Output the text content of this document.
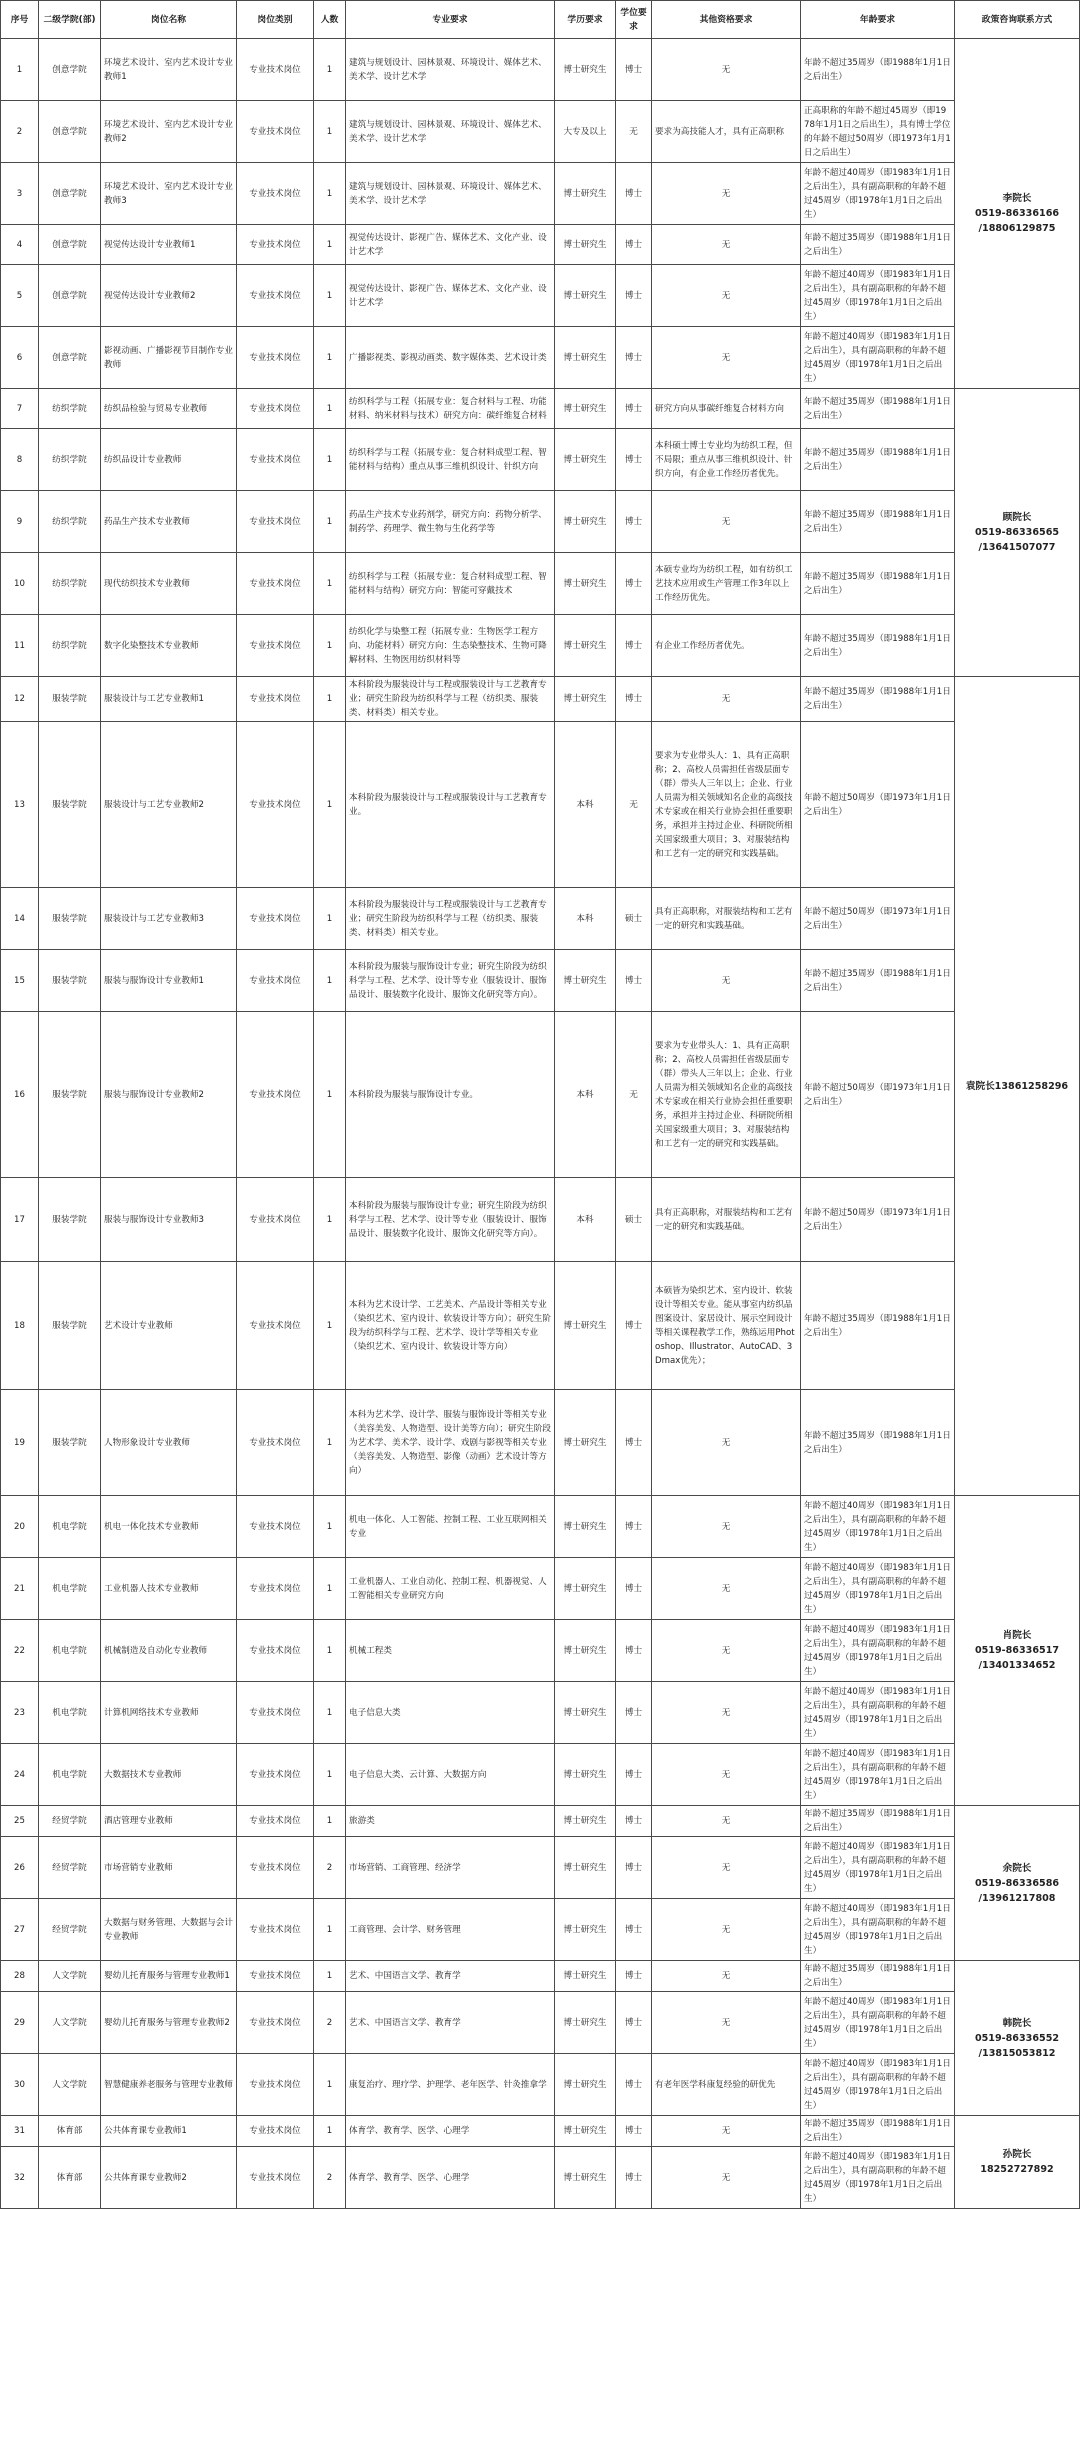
序号	二级学院(部)	岗位名称	岗位类别	人数	专业要求	学历要求	学位要求	其他资格要求	年龄要求	政策咨询联系方式
1	创意学院	环境艺术设计、室内艺术设计专业教师1	专业技术岗位	1	建筑与规划设计、园林景观、环境设计、媒体艺术、美术学、设计艺术学	博士研究生	博士	无	年龄不超过35周岁（即1988年1月1日之后出生）	李院长
0519-86336166
/18806129875

2	创意学院	环境艺术设计、室内艺术设计专业教师2	专业技术岗位	1	建筑与规划设计、园林景观、环境设计、媒体艺术、美术学、设计艺术学	大专及以上	无	要求为高技能人才，具有正高职称	正高职称的年龄不超过45周岁（即1978年1月1日之后出生），具有博士学位的年龄不超过50周岁（即1973年1月1日之后出生）	
3	创意学院	环境艺术设计、室内艺术设计专业教师3	专业技术岗位	1	建筑与规划设计、园林景观、环境设计、媒体艺术、美术学、设计艺术学	博士研究生	博士	无	年龄不超过40周岁（即1983年1月1日之后出生），具有副高职称的年龄不超过45周岁（即1978年1月1日之后出生）	
4	创意学院	视觉传达设计专业教师1	专业技术岗位	1	视觉传达设计、影视广告、媒体艺术、文化产业、设计艺术学	博士研究生	博士	无	年龄不超过35周岁（即1988年1月1日之后出生）	
5	创意学院	视觉传达设计专业教师2	专业技术岗位	1	视觉传达设计、影视广告、媒体艺术、文化产业、设计艺术学	博士研究生	博士	无	年龄不超过40周岁（即1983年1月1日之后出生），具有副高职称的年龄不超过45周岁（即1978年1月1日之后出生）	
6	创意学院	影视动画、广播影视节目制作专业教师	专业技术岗位	1	广播影视类、影视动画类、数字媒体类、艺术设计类	博士研究生	博士	无	年龄不超过40周岁（即1983年1月1日之后出生），具有副高职称的年龄不超过45周岁（即1978年1月1日之后出生）	
7	纺织学院	纺织品检验与贸易专业教师	专业技术岗位	1	纺织科学与工程（拓展专业：复合材料与工程、功能材料、纳米材料与技术）研究方向：碳纤维复合材料	博士研究生	博士	研究方向从事碳纤维复合材料方向	年龄不超过35周岁（即1988年1月1日之后出生）	顾院长
0519-86336565
/13641507077

8	纺织学院	纺织品设计专业教师	专业技术岗位	1	纺织科学与工程（拓展专业：复合材料成型工程、智能材料与结构）重点从事三维机织设计、针织方向	博士研究生	博士	本科硕士博士专业均为纺织工程，但不局限；重点从事三维机织设计、针织方向，有企业工作经历者优先。	年龄不超过35周岁（即1988年1月1日之后出生）	
9	纺织学院	药品生产技术专业教师	专业技术岗位	1	药品生产技术专业药剂学，研究方向：药物分析学、制药学、药理学、微生物与生化药学等	博士研究生	博士	无	年龄不超过35周岁（即1988年1月1日之后出生）	
10	纺织学院	现代纺织技术专业教师	专业技术岗位	1	纺织科学与工程（拓展专业：复合材料成型工程、智能材料与结构）研究方向：智能可穿戴技术	博士研究生	博士	本硕专业均为纺织工程，如有纺织工艺技术应用或生产管理工作3年以上工作经历优先。	年龄不超过35周岁（即1988年1月1日之后出生）	
11	纺织学院	数字化染整技术专业教师	专业技术岗位	1	纺织化学与染整工程（拓展专业：生物医学工程方向、功能材料）研究方向：生态染整技术、生物可降解材料、生物医用纺织材料等	博士研究生	博士	有企业工作经历者优先。	年龄不超过35周岁（即1988年1月1日之后出生）	
12	服装学院	服装设计与工艺专业教师1	专业技术岗位	1	本科阶段为服装设计与工程或服装设计与工艺教育专业；研究生阶段为纺织科学与工程（纺织类、服装类、材料类）相关专业。	博士研究生	博士	无	年龄不超过35周岁（即1988年1月1日之后出生）	袁院长13861258296

13	服装学院	服装设计与工艺专业教师2	专业技术岗位	1	本科阶段为服装设计与工程或服装设计与工艺教育专业。	本科	无	要求为专业带头人：1、具有正高职称；2、高校人员需担任省级层面专（群）带头人三年以上；企业、行业人员需为相关领域知名企业的高级技术专家或在相关行业协会担任重要职务，承担并主持过企业、科研院所相关国家级重大项目；3、对服装结构和工艺有一定的研究和实践基础。	年龄不超过50周岁（即1973年1月1日之后出生）	
14	服装学院	服装设计与工艺专业教师3	专业技术岗位	1	本科阶段为服装设计与工程或服装设计与工艺教育专业；研究生阶段为纺织科学与工程（纺织类、服装类、材料类）相关专业。	本科	硕士	具有正高职称，对服装结构和工艺有一定的研究和实践基础。	年龄不超过50周岁（即1973年1月1日之后出生）	
15	服装学院	服装与服饰设计专业教师1	专业技术岗位	1	本科阶段为服装与服饰设计专业；研究生阶段为纺织科学与工程、艺术学、设计等专业（服装设计、服饰品设计、服装数字化设计、服饰文化研究等方向）。	博士研究生	博士	无	年龄不超过35周岁（即1988年1月1日之后出生）	
16	服装学院	服装与服饰设计专业教师2	专业技术岗位	1	本科阶段为服装与服饰设计专业。	本科	无	要求为专业带头人：1、具有正高职称；2、高校人员需担任省级层面专（群）带头人三年以上；企业、行业人员需为相关领域知名企业的高级技术专家或在相关行业协会担任重要职务，承担并主持过企业、科研院所相关国家级重大项目；3、对服装结构和工艺有一定的研究和实践基础。	年龄不超过50周岁（即1973年1月1日之后出生）	
17	服装学院	服装与服饰设计专业教师3	专业技术岗位	1	本科阶段为服装与服饰设计专业；研究生阶段为纺织科学与工程、艺术学、设计等专业（服装设计、服饰品设计、服装数字化设计、服饰文化研究等方向）。	本科	硕士	具有正高职称，对服装结构和工艺有一定的研究和实践基础。	年龄不超过50周岁（即1973年1月1日之后出生）	
18	服装学院	艺术设计专业教师	专业技术岗位	1	本科为艺术设计学、工艺美术、产品设计等相关专业（染织艺术、室内设计、软装设计等方向）；研究生阶段为纺织科学与工程、艺术学、设计学等相关专业（染织艺术、室内设计、软装设计等方向）	博士研究生	博士	本硕皆为染织艺术、室内设计、软装设计等相关专业。能从事室内纺织品图案设计、家居设计、展示空间设计等相关课程教学工作，熟练运用Photoshop、Illustrator、AutoCAD、3Dmax优先）；	年龄不超过35周岁（即1988年1月1日之后出生）	
19	服装学院	人物形象设计专业教师	专业技术岗位	1	本科为艺术学、设计学、服装与服饰设计等相关专业（美容美发、人物造型、设计美等方向）；研究生阶段为艺术学、美术学、设计学、戏剧与影视等相关专业（美容美发、人物造型、影像（动画）艺术设计等方向）	博士研究生	博士	无	年龄不超过35周岁（即1988年1月1日之后出生）	
20	机电学院	机电一体化技术专业教师	专业技术岗位	1	机电一体化、人工智能、控制工程、工业互联网相关专业	博士研究生	博士	无	年龄不超过40周岁（即1983年1月1日之后出生），具有副高职称的年龄不超过45周岁（即1978年1月1日之后出生）	肖院长
0519-86336517
/13401334652

21	机电学院	工业机器人技术专业教师	专业技术岗位	1	工业机器人、工业自动化、控制工程、机器视觉、人工智能相关专业研究方向	博士研究生	博士	无	年龄不超过40周岁（即1983年1月1日之后出生），具有副高职称的年龄不超过45周岁（即1978年1月1日之后出生）	
22	机电学院	机械制造及自动化专业教师	专业技术岗位	1	机械工程类	博士研究生	博士	无	年龄不超过40周岁（即1983年1月1日之后出生），具有副高职称的年龄不超过45周岁（即1978年1月1日之后出生）	
23	机电学院	计算机网络技术专业教师	专业技术岗位	1	电子信息大类	博士研究生	博士	无	年龄不超过40周岁（即1983年1月1日之后出生），具有副高职称的年龄不超过45周岁（即1978年1月1日之后出生）	
24	机电学院	大数据技术专业教师	专业技术岗位	1	电子信息大类、云计算、大数据方向	博士研究生	博士	无	年龄不超过40周岁（即1983年1月1日之后出生），具有副高职称的年龄不超过45周岁（即1978年1月1日之后出生）	
25	经贸学院	酒店管理专业教师	专业技术岗位	1	旅游类	博士研究生	博士	无	年龄不超过35周岁（即1988年1月1日之后出生）	余院长
0519-86336586
/13961217808

26	经贸学院	市场营销专业教师	专业技术岗位	2	市场营销、工商管理、经济学	博士研究生	博士	无	年龄不超过40周岁（即1983年1月1日之后出生），具有副高职称的年龄不超过45周岁（即1978年1月1日之后出生）	
27	经贸学院	大数据与财务管理、大数据与会计专业教师	专业技术岗位	1	工商管理、会计学、财务管理	博士研究生	博士	无	年龄不超过40周岁（即1983年1月1日之后出生），具有副高职称的年龄不超过45周岁（即1978年1月1日之后出生）	
28	人文学院	婴幼儿托育服务与管理专业教师1	专业技术岗位	1	艺术、中国语言文学、教育学	博士研究生	博士	无	年龄不超过35周岁（即1988年1月1日之后出生）	韩院长
0519-86336552
/13815053812

29	人文学院	婴幼儿托育服务与管理专业教师2	专业技术岗位	2	艺术、中国语言文学、教育学	博士研究生	博士	无	年龄不超过40周岁（即1983年1月1日之后出生），具有副高职称的年龄不超过45周岁（即1978年1月1日之后出生）	
30	人文学院	智慧健康养老服务与管理专业教师	专业技术岗位	1	康复治疗、理疗学、护理学、老年医学、针灸推拿学	博士研究生	博士	有老年医学科康复经验的研优先	年龄不超过40周岁（即1983年1月1日之后出生），具有副高职称的年龄不超过45周岁（即1978年1月1日之后出生）	
31	体育部	公共体育课专业教师1	专业技术岗位	1	体育学、教育学、医学、心理学	博士研究生	博士	无	年龄不超过35周岁（即1988年1月1日之后出生）	孙院长
18252727892

32	体育部	公共体育课专业教师2	专业技术岗位	2	体育学、教育学、医学、心理学	博士研究生	博士	无	年龄不超过40周岁（即1983年1月1日之后出生），具有副高职称的年龄不超过45周岁（即1978年1月1日之后出生）	
